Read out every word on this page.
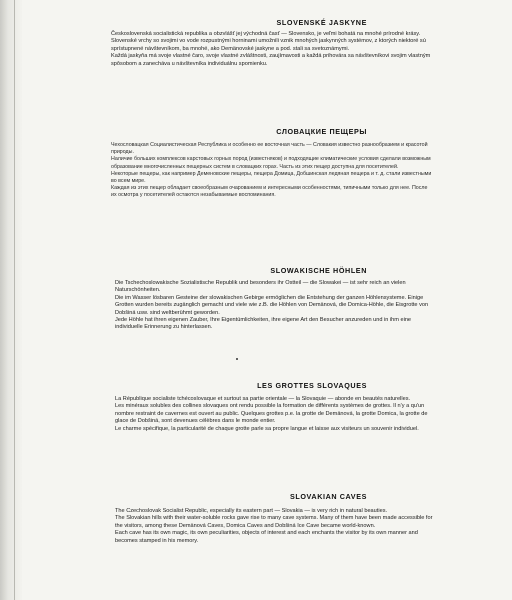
SLOVENSKÉ JASKYNE

Československá socialistická republika a obzvlášť jej východná časť — Slovensko, je veľmi bohatá na mnohé prírodné krásy.

Slovenské vrchy so svojimi vo vode rozpustnými horninami umožnili vznik mnohých jaskynných systémov, z ktorých niektoré sú sprístupnené návštevníkom, ba mnohé, ako Demänovské jaskyne a pod. stali sa svetoznámymi.

Každá jaskyňa má svoje vlastné čaro, svoje vlastné zvláštnosti, zaujímavosti a každá prihovára sa návštevníkovi svojim vlastným spôsobom a zanecháva u návštevníka individuálnu spomienku.

СЛОВАЦКИЕ ПЕЩЕРЫ

Чехословацкая Социалистическая Республика и особенно ее восточная часть — Словакия известно разнообразием и красотой природы.

Наличие больших комплексов карстовых горных пород (известняков) и подходящие климатические условия сделали возможным образование многочисленных пещерных систем в словацких горах. Часть из этих пещер доступна для посетителей.

Некоторые пещеры, как например Деменовские пещеры, пещера Домица, Добшинская ледяная пещера и т. д. стали известными во всем мире.

Каждая из этих пещер обладает своеобразным очарованием и интересными особенностями, типичными только для нее. После их осмотра у посетителей остаются незабываемые воспоминания.

SLOWAKISCHE HÖHLEN

Die Tschechoslowakische Sozialistische Republik und besonders ihr Ostteil — die Slowakei — ist sehr reich an vielen Naturschönheiten.

Die im Wasser lösbaren Gesteine der slowakischen Gebirge ermöglichen die Entstehung der ganzen Höhlensysteme. Einige Grotten wurden bereits zugänglich gemacht und viele wie z.B. die Höhlen von Demänová, die Domica-Höhle, die Eisgrotte von Dobšiná usw. sind weltberühmt geworden.

Jede Höhle hat ihren eigenen Zauber, Ihre Eigentümlichkeiten, ihre eigene Art den Besucher anzureden und in ihm eine individuelle Erinnerung zu hinterlassen.

LES GROTTES SLOVAQUES

La République socialiste tchécoslovaque et surtout sa partie orientale — la Slovaquie — abonde en beautés naturelles.

Les minéraux solubles des collines slovaques ont rendu possible la formation de différents systèmes de grottes. Il n'y a qu'un nombre restraint de cavernes est ouvert au public. Quelques grottes p.e. la grotte de Demänová, la grotte Domica, la grotte de glace de Dobšiná, sont devenues célèbres dans le monde entier.

Le charme spécifique, la particularité de chaque grotte parle sa propre langue et laisse aux visiteurs un souvenir individuel.

SLOVAKIAN CAVES

The Czechoslovak Socialist Republic, especially its eastern part — Slovakia — is very rich in natural beauties.

The Slovakian hills with their water-soluble rocks gave rise to many cave systems. Many of them have been made accessible for the visitors, among these Demänová Caves, Domica Caves and Dobšiná Ice Cave became world-known.

Each cave has its own magic, its own peculiarities, objects of interest and each enchants the visitor by its own manner and becomes stamped in his memory.
